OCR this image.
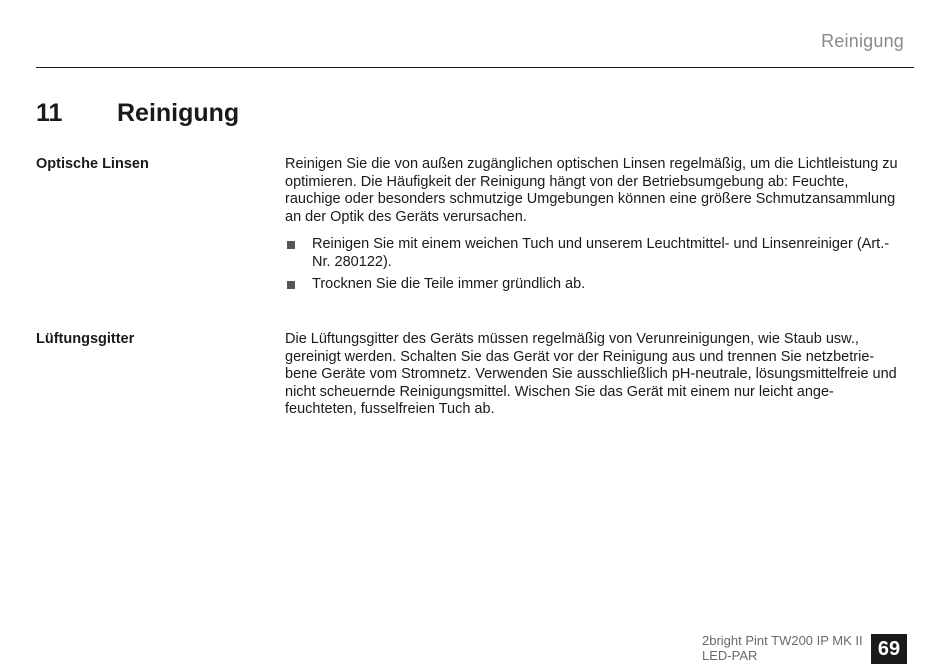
Reinigung
11 Reinigung
Optische Linsen	Reinigen Sie die von außen zugänglichen optischen Linsen regelmäßig, um die Lichtleistung zu optimieren. Die Häufigkeit der Reinigung hängt von der Betriebsumgebung ab: Feuchte, rauchige oder besonders schmutzige Umgebungen können eine größere Schmutzansammlung an der Optik des Geräts verursachen.

Reinigen Sie mit einem weichen Tuch und unserem Leuchtmittel- und Linsenreiniger (Art.-Nr. 280122).
Trocknen Sie die Teile immer gründlich ab.
Lüftungsgitter	Die Lüftungsgitter des Geräts müssen regelmäßig von Verunreinigungen, wie Staub usw., gereinigt werden. Schalten Sie das Gerät vor der Reinigung aus und trennen Sie netzbetriebene Geräte vom Stromnetz. Verwenden Sie ausschließlich pH-neutrale, lösungsmittelfreie und nicht scheuernde Reinigungsmittel. Wischen Sie das Gerät mit einem nur leicht angefeuchteten, fusselfreien Tuch ab.

2bright Pint TW200 IP MK II
LED-PAR	69
